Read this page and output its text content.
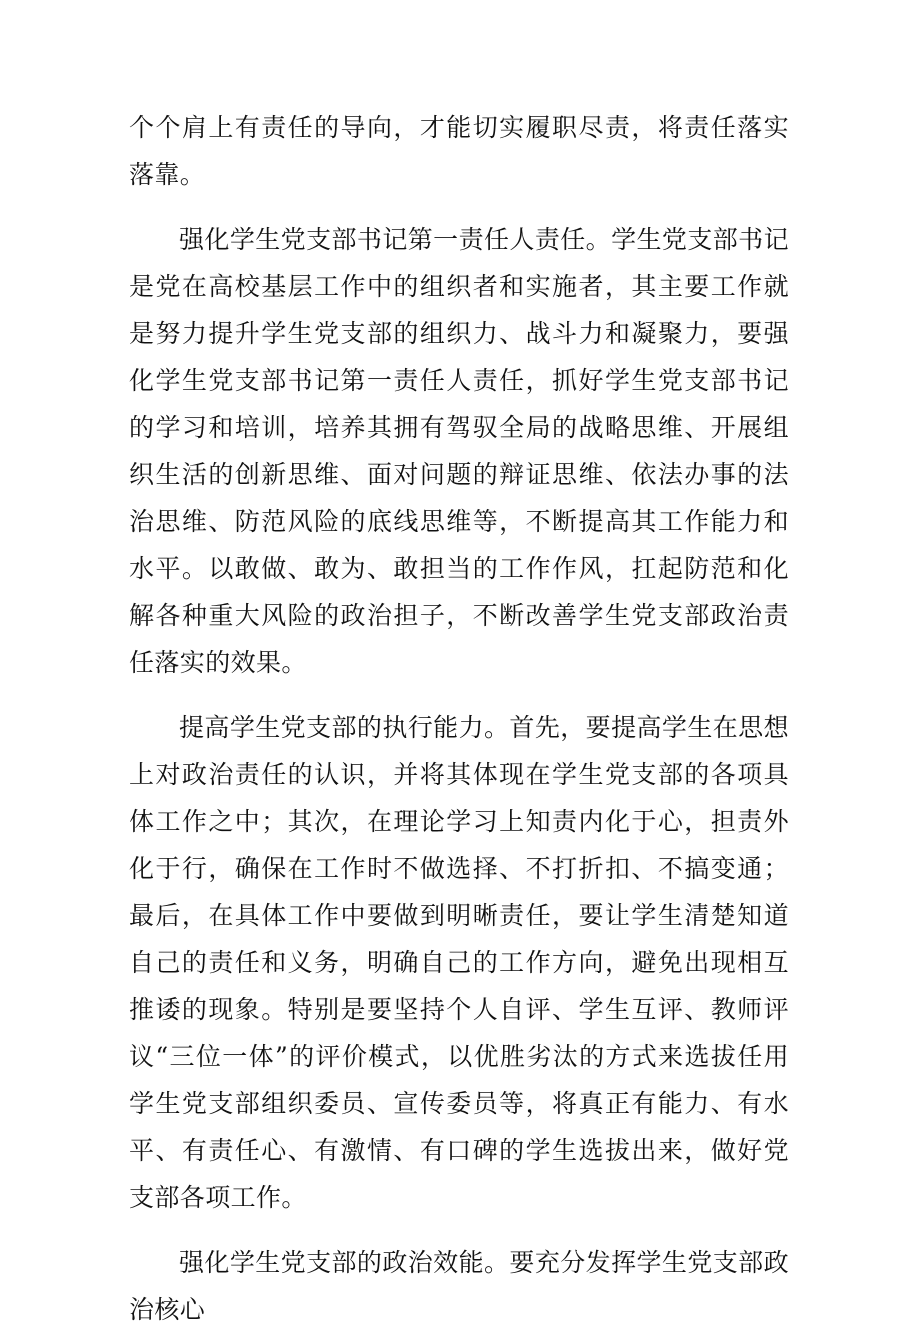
个个肩上有责任的导向，才能切实履职尽责，将责任落实落靠。

强化学生党支部书记第一责任人责任。学生党支部书记是党在高校基层工作中的组织者和实施者，其主要工作就是努力提升学生党支部的组织力、战斗力和凝聚力，要强化学生党支部书记第一责任人责任，抓好学生党支部书记的学习和培训，培养其拥有驾驭全局的战略思维、开展组织生活的创新思维、面对问题的辩证思维、依法办事的法治思维、防范风险的底线思维等，不断提高其工作能力和水平。以敢做、敢为、敢担当的工作作风，扛起防范和化解各种重大风险的政治担子，不断改善学生党支部政治责任落实的效果。

提高学生党支部的执行能力。首先，要提高学生在思想上对政治责任的认识，并将其体现在学生党支部的各项具体工作之中；其次，在理论学习上知责内化于心，担责外化于行，确保在工作时不做选择、不打折扣、不搞变通；最后，在具体工作中要做到明晰责任，要让学生清楚知道自己的责任和义务，明确自己的工作方向，避免出现相互推诿的现象。特别是要坚持个人自评、学生互评、教师评议“三位一体”的评价模式，以优胜劣汰的方式来选拔任用学生党支部组织委员、宣传委员等，将真正有能力、有水平、有责任心、有激情、有口碑的学生选拔出来，做好党支部各项工作。

强化学生党支部的政治效能。要充分发挥学生党支部政治核心
